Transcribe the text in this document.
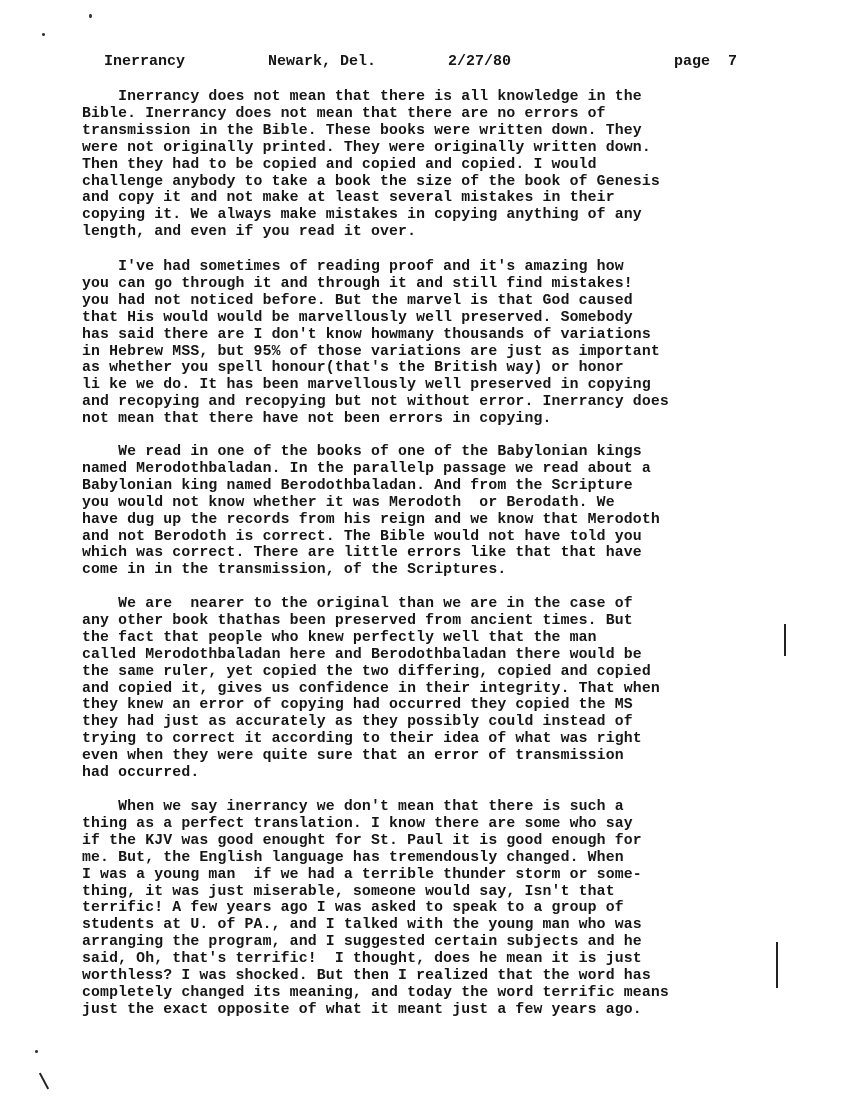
Inerrancy	Newark, Del.	2/27/80	page  7
Inerrancy does not mean that there is all knowledge in the
Bible. Inerrancy does not mean that there are no errors of
transmission in the Bible. These books were written down. They
were not originally printed. They were originally written down.
Then they had to be copied and copied and copied. I would
challenge anybody to take a book the size of the book of Genesis
and copy it and not make at least several mistakes in their
copying it. We always make mistakes in copying anything of any
length, and even if you read it over.
I've had sometimes of reading proof and it's amazing how
you can go through it and through it and still find mistakes!
you had not noticed before. But the marvel is that God caused
that His would would be marvellously well preserved. Somebody
has said there are I don't know howmany thousands of variations
in Hebrew MSS, but 95% of those variations are just as important
as whether you spell honour(that's the British way) or honor
li ke we do. It has been marvellously well preserved in copying
and recopying and recopying but not without error. Inerrancy does
not mean that there have not been errors in copying.
We read in one of the books of one of the Babylonian kings
named Merodothbaladan. In the parallelp passage we read about a
Babylonian king named Berodothbaladan. And from the Scripture
you would not know whether it was Merodoth  or Berodath. We
have dug up the records from his reign and we know that Merodoth
and not Berodoth is correct. The Bible would not have told you
which was correct. There are little errors like that that have
come in in the transmission, of the Scriptures.
We are  nearer to the original than we are in the case of
any other book thathas been preserved from ancient times. But
the fact that people who knew perfectly well that the man
called Merodothbaladan here and Berodothbaladan there would be
the same ruler, yet copied the two differing, copied and copied
and copied it, gives us confidence in their integrity. That when
they knew an error of copying had occurred they copied the MS
they had just as accurately as they possibly could instead of
trying to correct it according to their idea of what was right
even when they were quite sure that an error of transmission
had occurred.
When we say inerrancy we don't mean that there is such a
thing as a perfect translation. I know there are some who say
if the KJV was good enought for St. Paul it is good enough for
me. But, the English language has tremendously changed. When
I was a young man  if we had a terrible thunder storm or some-
thing, it was just miserable, someone would say, Isn't that
terrific! A few years ago I was asked to speak to a group of
students at U. of PA., and I talked with the young man who was
arranging the program, and I suggested certain subjects and he
said, Oh, that's terrific!  I thought, does he mean it is just
worthless? I was shocked. But then I realized that the word has
completely changed its meaning, and today the word terrific means
just the exact opposite of what it meant just a few years ago.
